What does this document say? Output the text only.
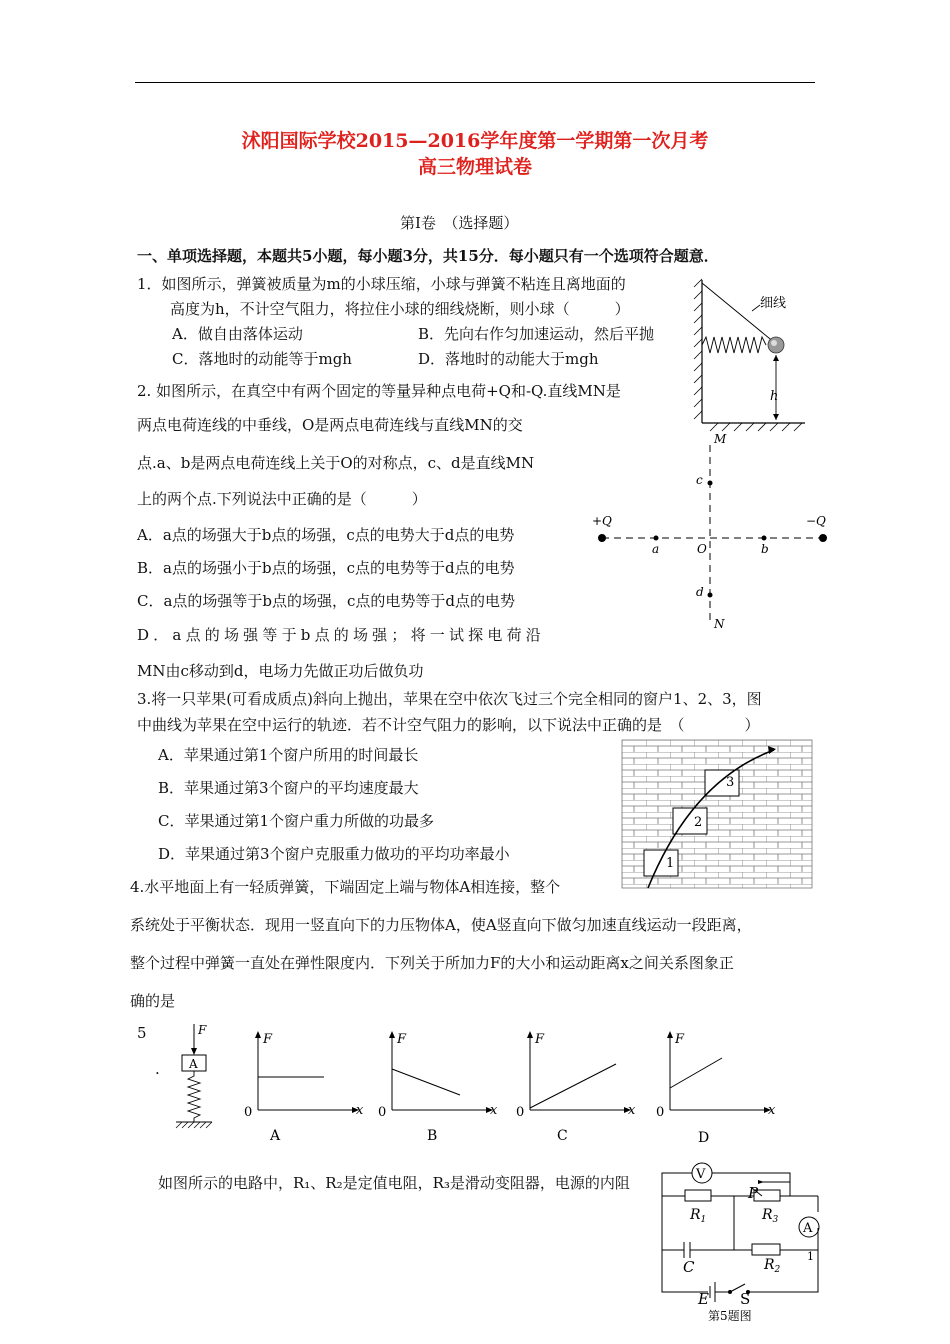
沭阳国际学校2015—2016学年度第一学期第一次月考
高三物理试卷
第Ⅰ卷　（选择题）
一、单项选择题，本题共5小题，每小题3分，共15分．每小题只有一个选项符合题意．
1．如图所示，弹簧被质量为m的小球压缩，小球与弹簧不粘连且离地面的
高度为h，不计空气阻力，将拉住小球的细线烧断，则小球（　　　）
A．做自由落体运动	B．先向右作匀加速运动，然后平抛
C．落地时的动能等于mgh	D．落地时的动能大于mgh
细线
h
2. 如图所示，在真空中有两个固定的等量异种点电荷+Q和-Q.直线MN是
两点电荷连线的中垂线，O是两点电荷连线与直线MN的交
点.a、b是两点电荷连线上关于O的对称点，c、d是直线MN
上的两个点.下列说法中正确的是（　　　）
A．a点的场强大于b点的场强，c点的电势大于d点的电势
B．a点的场强小于b点的场强，c点的电势等于d点的电势
C．a点的场强等于b点的场强，c点的电势等于d点的电势
D．a点的场强等于b点的场强；将一试探电荷沿
MN由c移动到d，电场力先做正功后做负功
M
N
c
d
O
a	b
+Q	−Q
3.将一只苹果(可看成质点)斜向上抛出，苹果在空中依次飞过三个完全相同的窗户1、2、3，图
中曲线为苹果在空中运行的轨迹．若不计空气阻力的影响，以下说法中正确的是　（　　　　）
A．苹果通过第1个窗户所用的时间最长
B．苹果通过第3个窗户的平均速度最大
C．苹果通过第1个窗户重力所做的功最多
D．苹果通过第3个窗户克服重力做功的平均功率最小
1
2
3
4.水平地面上有一轻质弹簧，下端固定上端与物体A相连接，整个
系统处于平衡状态．现用一竖直向下的力压物体A，使A竖直向下做匀加速直线运动一段距离，
整个过程中弹簧一直处在弹性限度内．下列关于所加力F的大小和运动距离x之间关系图象正
确的是
5
.
F
A
F
x
0
A
F
x
0
B
F
x
0
C
F
x
0
D
如图所示的电路中，R₁、R₂是定值电阻，R₃是滑动变阻器，电源的内阻	V
A
P
$R_1$	$R_3$
$R_2$
C
E S
1
第5题图
